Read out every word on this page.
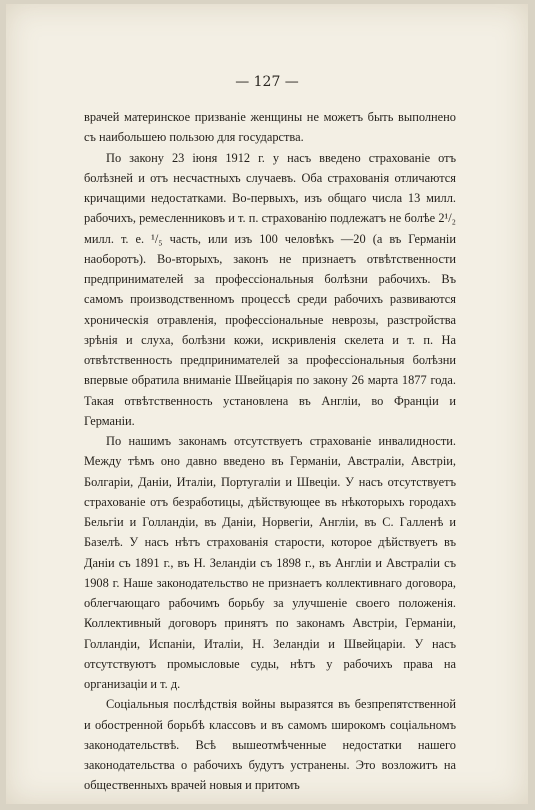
— 127 —

врачей материнское призваніе женщины не можетъ быть выполнено съ наибольшею пользою для государства.

По закону 23 іюня 1912 г. у насъ введено страхованіе отъ болѣзней и отъ несчастныхъ случаевъ. Оба страхованія отличаются кричащими недостатками. Во-первыхъ, изъ общаго числа 13 милл. рабочихъ, ремесленниковъ и т. п. страхованію подлежатъ не болѣе 2¹/₂ милл. т. е. ¹/₅ часть, или изъ 100 человѣкъ —20 (а въ Германіи наоборотъ). Во-вторыхъ, законъ не признаетъ отвѣтственности предпринимателей за профессіональныя болѣзни рабочихъ. Въ самомъ производственномъ процессѣ среди рабочихъ развиваются хроническія отравленія, профессіональные неврозы, разстройства зрѣнія и слуха, болѣзни кожи, искривленія скелета и т. п. На отвѣтственность предпринимателей за профессіональныя болѣзни впервые обратила вниманіе Швейцарія по закону 26 марта 1877 года. Такая отвѣтственность установлена въ Англіи, во Франціи и Германіи.

По нашимъ законамъ отсутствуетъ страхованіе инвалидности. Между тѣмъ оно давно введено въ Германіи, Австраліи, Австріи, Болгаріи, Даніи, Италіи, Португаліи и Швеціи. У насъ отсутствуетъ страхованіе отъ безработицы, дѣйствующее въ нѣкоторыхъ городахъ Бельгіи и Голландіи, въ Даніи, Норвегіи, Англіи, въ С. Галленѣ и Базелѣ. У насъ нѣтъ страхованія старости, которое дѣйствуетъ въ Даніи съ 1891 г., въ Н. Зеландіи съ 1898 г., въ Англіи и Австраліи съ 1908 г. Наше законодательство не признаетъ коллективнаго договора, облегчающаго рабочимъ борьбу за улучшеніе своего положенія. Коллективный договоръ принятъ по законамъ Австріи, Германіи, Голландіи, Испаніи, Италіи, Н. Зеландіи и Швейцаріи. У насъ отсутствуютъ промысловые суды, нѣтъ у рабочихъ права на организаціи и т. д.

Соціальныя послѣдствія войны выразятся въ безпрепятственной и обостренной борьбѣ классовъ и въ самомъ широкомъ соціальномъ законодательствѣ. Всѣ вышеотмѣченные недостатки нашего законодательства о рабочихъ будутъ устранены. Это возложитъ на общественныхъ врачей новыя и притомъ
